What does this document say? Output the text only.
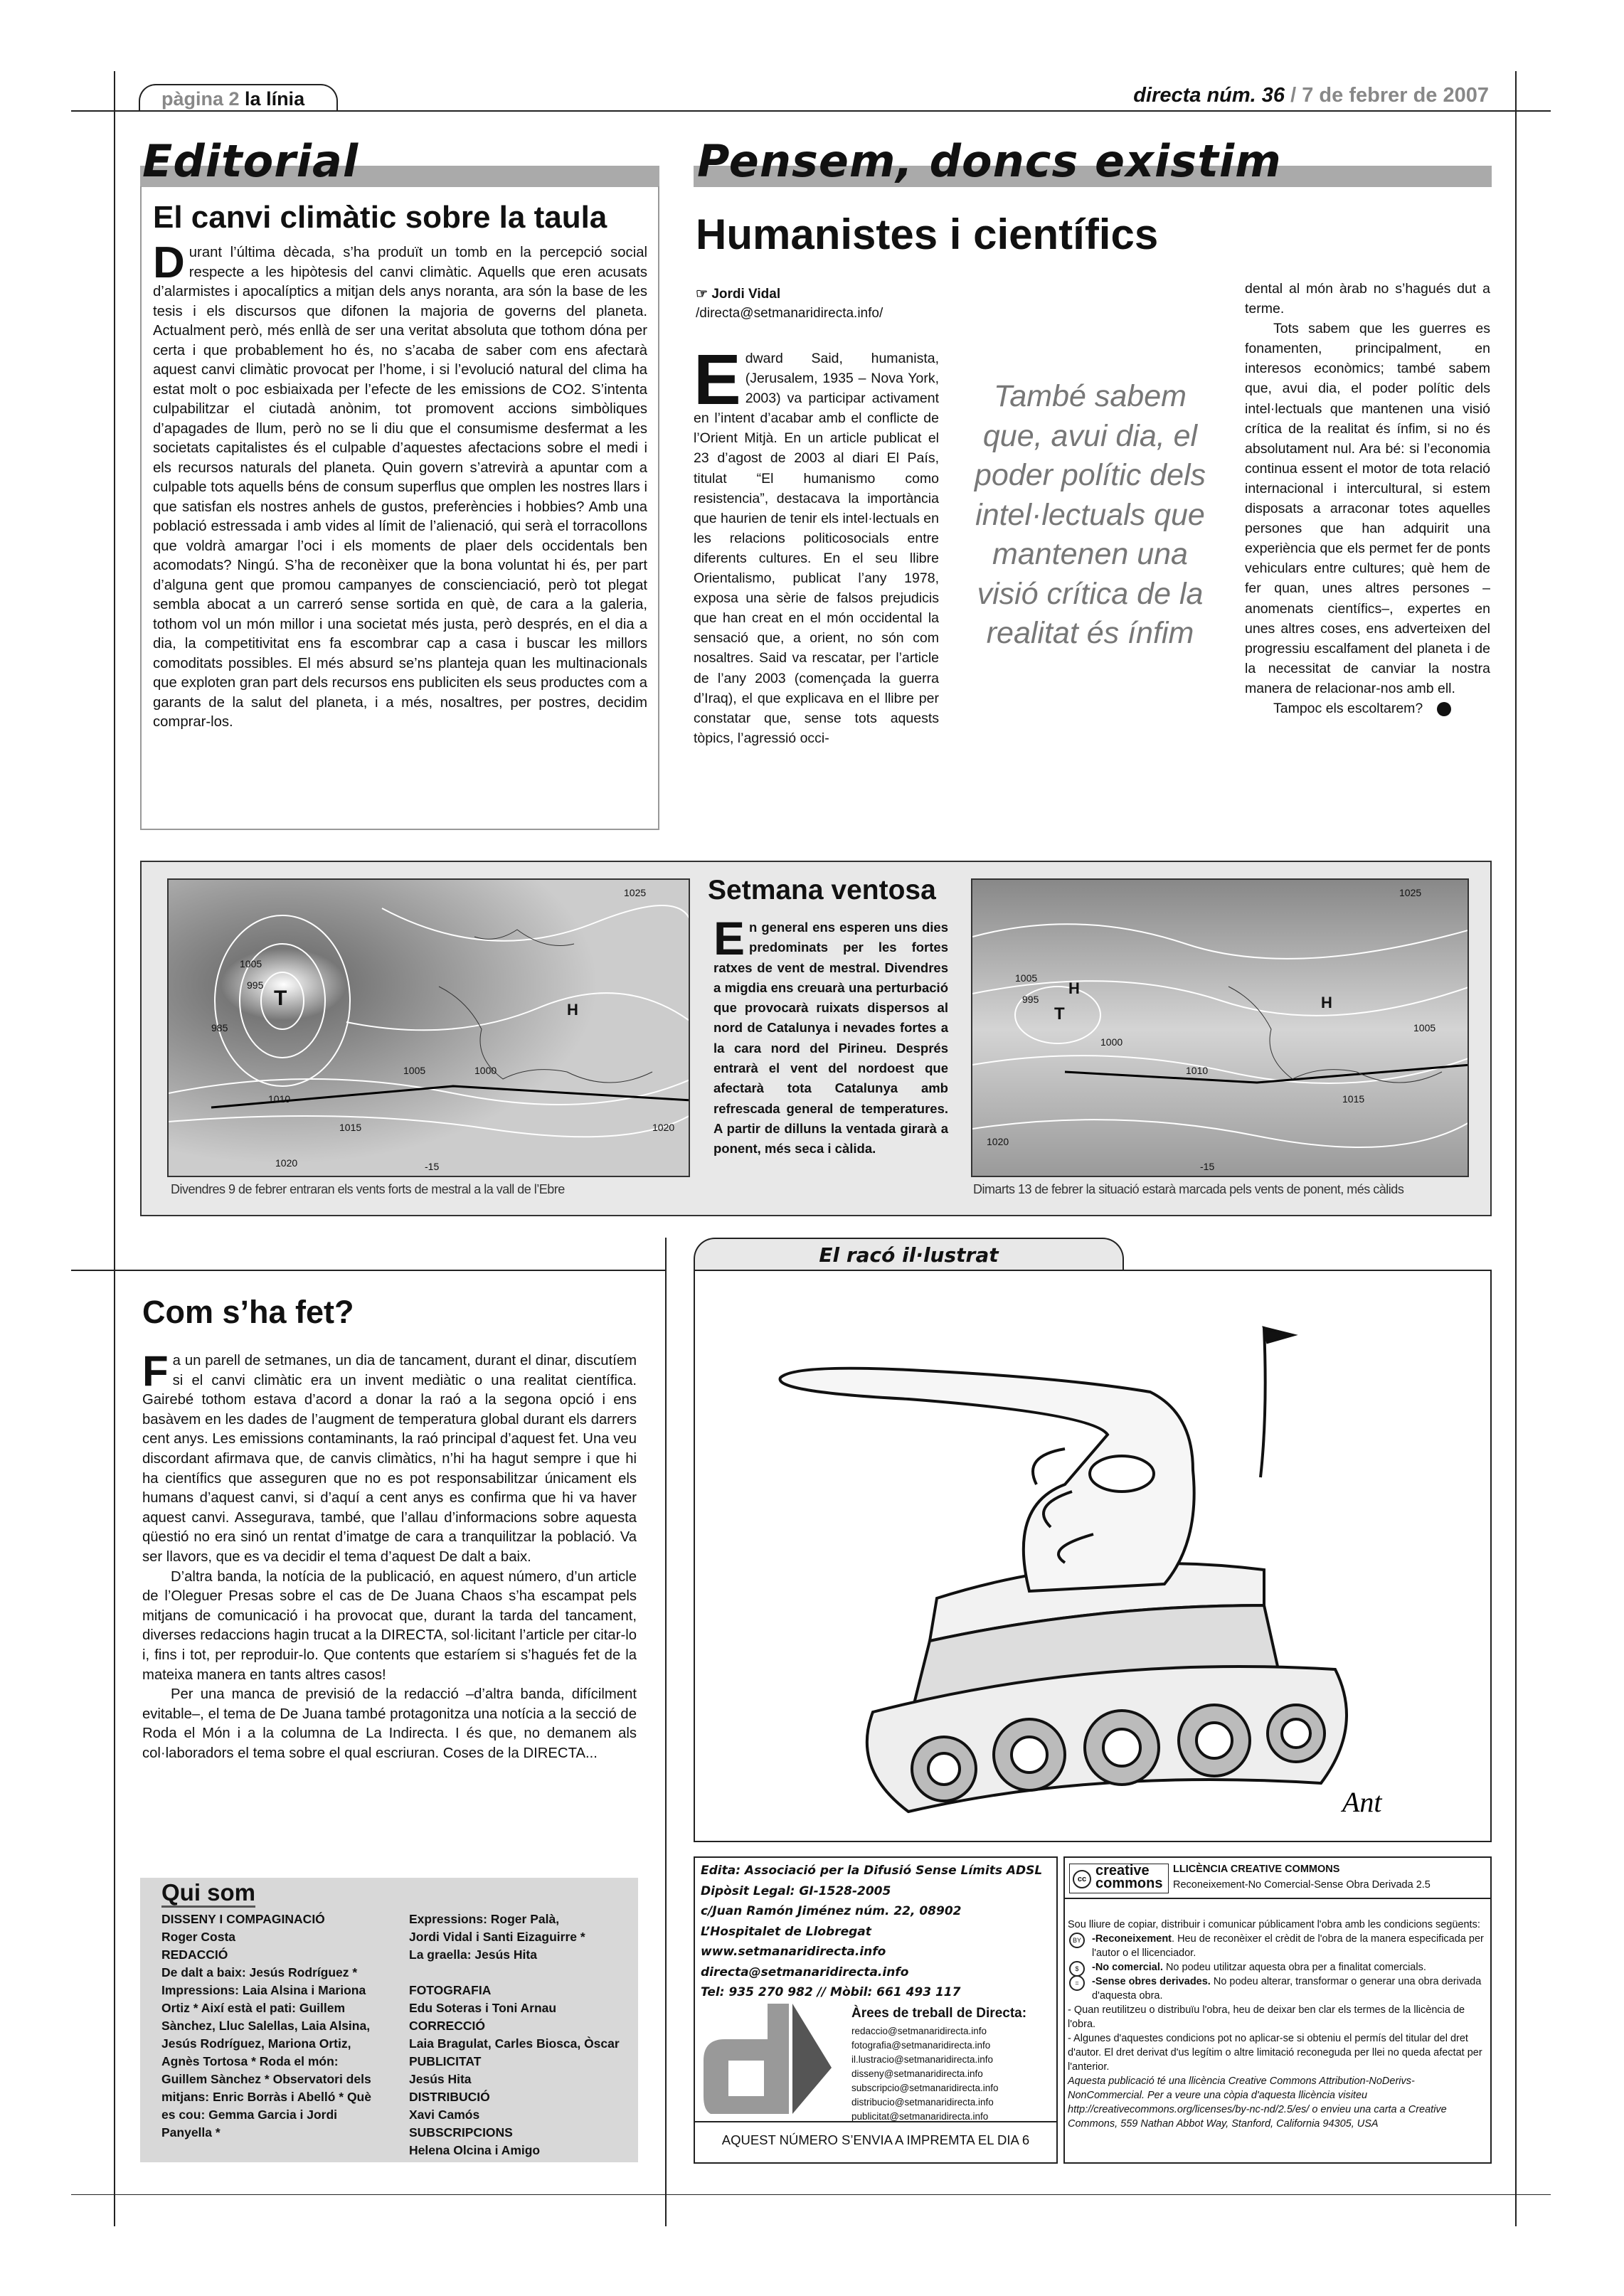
pàgina 2 la línia	directa núm. 36 / 7 de febrer de 2007
Editorial
El canvi climàtic sobre la taula
Durant l’última dècada, s’ha produït un tomb en la percepció social respecte a les hipòtesis del canvi climàtic. Aquells que eren acusats d’alarmistes i apocalíptics a mitjan dels anys noranta, ara són la base de les tesis i els discursos que difonen la majoria de governs del planeta. Actualment però, més enllà de ser una veritat absoluta que tothom dóna per certa i que probablement ho és, no s’acaba de saber com ens afectarà aquest canvi climàtic provocat per l’home, i si l’evolució natural del clima ha estat molt o poc esbiaixada per l’efecte de les emissions de CO2. S’intenta culpabilitzar el ciutadà anònim, tot promovent accions simbòliques d’apagades de llum, però no se li diu que el consumisme desfermat a les societats capitalistes és el culpable d’aquestes afectacions sobre el medi i els recursos naturals del planeta. Quin govern s’atrevirà a apuntar com a culpable tots aquells béns de consum superflus que omplen les nostres llars i que satisfan els nostres anhels de gustos, preferències i hobbies? Amb una població estressada i amb vides al límit de l’alienació, qui serà el torracollons que voldrà amargar l’oci i els moments de plaer dels occidentals ben acomodats? Ningú. S’ha de reconèixer que la bona voluntat hi és, per part d’alguna gent que promou campanyes de conscienciació, però tot plegat sembla abocat a un carreró sense sortida en què, de cara a la galeria, tothom vol un món millor i una societat més justa, però després, en el dia a dia, la competitivitat ens fa escombrar cap a casa i buscar les millors comoditats possibles. El més absurd se’ns planteja quan les multinacionals que exploten gran part dels recursos ens publiciten els seus productes com a garants de la salut del planeta, i a més, nosaltres, per postres, decidim comprar-los.
Pensem, doncs existim
Humanistes i científics
☞ Jordi Vidal
/directa@setmanaridirecta.info/
Edward Said, humanista, (Jerusalem, 1935 – Nova York, 2003) va participar activament en l’intent d’acabar amb el conflicte de l’Orient Mitjà. En un article publicat el 23 d’agost de 2003 al diari El País, titulat “El humanismo como resistencia”, destacava la importància que haurien de tenir els intel·lectuals en les relacions politicosocials entre diferents cultures. En el seu llibre Orientalismo, publicat l’any 1978, exposa una sèrie de falsos prejudicis que han creat en el món occidental la sensació que, a orient, no són com nosaltres. Said va rescatar, per l’article de l’any 2003 (començada la guerra d’Iraq), el que explicava en el llibre per constatar que, sense tots aquests tòpics, l’agressió occi-
També sabem que, avui dia, el poder polític dels intel·lectuals que mantenen una visió crítica de la realitat és ínfim

dental al món àrab no s’hagués dut a terme.

Tots sabem que les guerres es fonamenten, principalment, en interesos econòmics; també sabem que, avui dia, el poder polític dels intel·lectuals que mantenen una visió crítica de la realitat és ínfim, si no és absolutament nul. Ara bé: si l’economia continua essent el motor de tota relació internacional i intercultural, si estem disposats a arraconar totes aquelles persones que han adquirit una experiència que els permet fer de ponts vehiculars entre cultures; què hem de fer quan, unes altres persones –anomenats científics–, expertes en unes altres coses, ens adverteixen del progressiu escalfament del planeta i de la necessitat de canviar la nostra manera de relacionar-nos amb ell.

Tampoc els escoltarem?	d

1025
1005
995
985
T
1010
1015
1020
H
-15
1000
1005
1020
Divendres 9 de febrer entraran els vents forts de mestral a la vall de l’Ebre
Setmana ventosa
En general ens esperen uns dies predominats per les fortes ratxes de vent de mestral. Divendres a migdia ens creuarà una perturbació que provocarà ruixats dispersos al nord de Catalunya i nevades fortes a la cara nord del Pirineu. Després entrarà el vent del nordoest que afectarà tota Catalunya amb refrescada general de temperatures. A partir de dilluns la ventada girarà a ponent, més seca i càlida.
1025
1005
995
T
H
1015
1010
1000
1020
-15
1005
H
Dimarts 13 de febrer la situació estarà marcada pels vents de ponent, més càlids
El racó il·lustrat
Ant
Com s’ha fet?

Fa un parell de setmanes, un dia de tancament, durant el dinar, discutíem si el canvi climàtic era un invent mediàtic o una realitat científica. Gairebé tothom estava d’acord a donar la raó a la segona opció i ens basàvem en les dades de l’augment de temperatura global durant els darrers cent anys. Les emissions contaminants, la raó principal d’aquest fet. Una veu discordant afirmava que, de canvis climàtics, n’hi ha hagut sempre i que hi ha científics que asseguren que no es pot responsabilitzar únicament els humans d’aquest canvi, si d’aquí a cent anys es confirma que hi va haver aquest canvi. Assegurava, també, que l’allau d’informacions sobre aquesta qüestió no era sinó un rentat d’imatge de cara a tranquilitzar la població. Va ser llavors, que es va decidir el tema d’aquest De dalt a baix.

D’altra banda, la notícia de la publicació, en aquest número, d’un article de l’Oleguer Presas sobre el cas de De Juana Chaos s’ha escampat pels mitjans de comunicació i ha provocat que, durant la tarda del tancament, diverses redaccions hagin trucat a la DIRECTA, sol·licitant l’article per citar-lo i, fins i tot, per reproduir-lo. Que contents que estaríem si s’hagués fet de la mateixa manera en tants altres casos!

Per una manca de previsió de la redacció –d’altra banda, difícilment evitable–, el tema de De Juana també protagonitza una notícia a la secció de Roda el Món i a la columna de La Indirecta. I és que, no demanem als col·laboradors el tema sobre el qual escriuran. Coses de la DIRECTA...

Qui som
DISSENY I COMPAGINACIÓ
Roger Costa
REDACCIÓ
De dalt a baix: Jesús Rodríguez *
Impressions: Laia Alsina i Mariona
Ortiz * Així està el pati: Guillem
Sànchez, Lluc Salellas, Laia Alsina,
Jesús Rodríguez, Mariona Ortiz,
Agnès Tortosa * Roda el món:
Guillem Sànchez * Observatori dels
mitjans: Enric Borràs i Abelló * Què
es cou: Gemma Garcia i Jordi
Panyella *
Expressions: Roger Palà,
Jordi Vidal i Santi Eizaguirre *
La graella: Jesús Hita
FOTOGRAFIA
Edu Soteras i Toni Arnau
CORRECCIÓ
Laia Bragulat, Carles Biosca, Òscar
PUBLICITAT
Jesús Hita
DISTRIBUCIÓ
Xavi Camós
SUBSCRIPCIONS
Helena Olcina i Amigo
Edita: Associació per la Difusió Sense Límits ADSL
Dipòsit Legal: GI-1528-2005
c/Juan Ramón Jiménez núm. 22, 08902
L’Hospitalet de Llobregat
www.setmanaridirecta.info
directa@setmanaridirecta.info
Tel: 935 270 982 // Mòbil: 661 493 117
Àrees de treball de Directa:
redaccio@setmanaridirecta.info
fotografia@setmanaridirecta.info
il.lustracio@setmanaridirecta.info
disseny@setmanaridirecta.info
subscripcio@setmanaridirecta.info
distribucio@setmanaridirecta.info
publicitat@setmanaridirecta.info
AQUEST NÚMERO S’ENVIA A IMPREMTA EL DIA 6
cc
creative
commons
LLICÈNCIA CREATIVE COMMONS
Reconeixement-No Comercial-Sense Obra Derivada 2.5
Sou lliure de copiar, distribuir i comunicar públicament l'obra amb les condicions següents:
BY	-Reconeixement. Heu de reconèixer el crèdit de l'obra de la manera especificada per l'autor o el llicenciador.
$	-No comercial. No podeu utilitzar aquesta obra per a finalitat comercials.
=	-Sense obres derivades. No podeu alterar, transformar o generar una obra derivada d'aquesta obra.
- Quan reutilitzeu o distribuïu l'obra, heu de deixar ben clar els termes de la llicència de l'obra.
- Algunes d'aquestes condicions pot no aplicar-se si obteniu el permís del titular del dret d'autor. El dret derivat d'us legítim o altre limitació reconeguda per llei no queda afectat per l'anterior.
Aquesta publicació té una llicència Creative Commons Attribution-NoDerivs-NonCommercial. Per a veure una còpia d'aquesta llicència visiteu http://creativecommons.org/licenses/by-nc-nd/2.5/es/ o envieu una carta a Creative Commons, 559 Nathan Abbot Way, Stanford, California 94305, USA
